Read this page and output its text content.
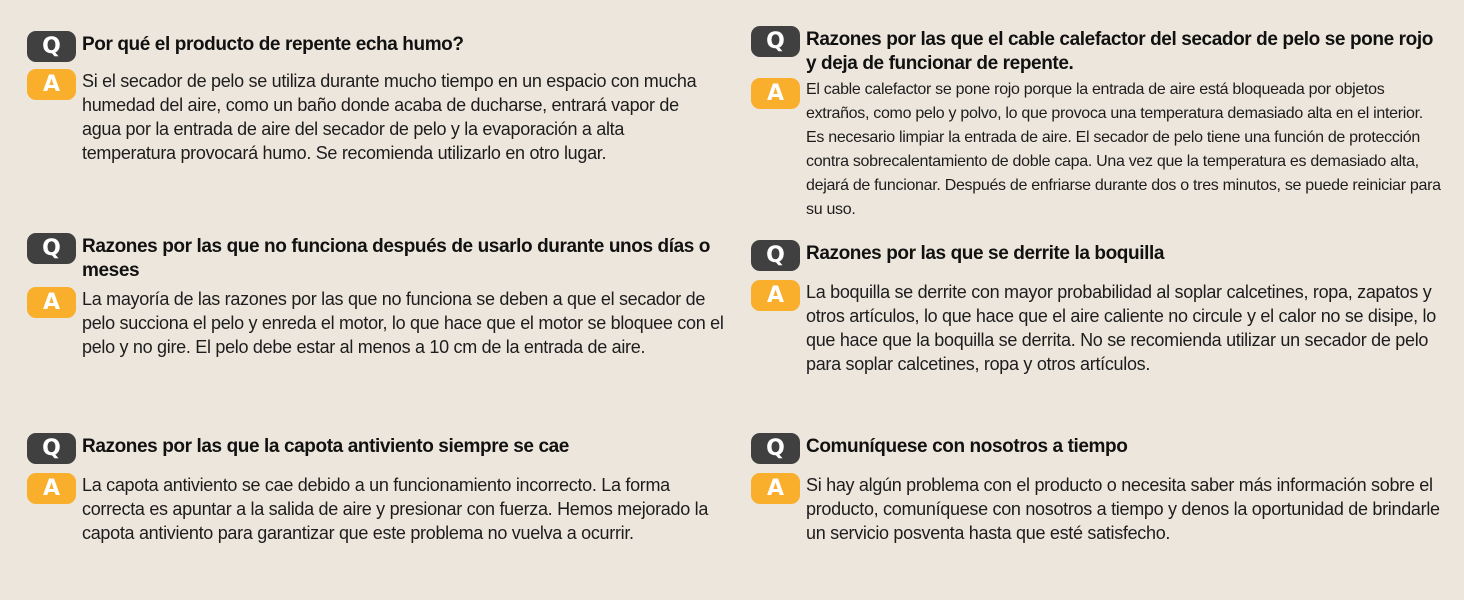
Q	Por qué el producto de repente echa humo?
A	Si el secador de pelo se utiliza durante mucho tiempo en un espacio con mucha humedad del aire, como un baño donde acaba de ducharse, entrará vapor de agua por la entrada de aire del secador de pelo y la evaporación a alta temperatura provocará humo. Se recomienda utilizarlo en otro lugar.
Q	Razones por las que el cable calefactor del secador de pelo se pone rojo y deja de funcionar de repente.
A	El cable calefactor se pone rojo porque la entrada de aire está bloqueada por objetos extraños, como pelo y polvo, lo que provoca una temperatura demasiado alta en el interior. Es necesario limpiar la entrada de aire. El secador de pelo tiene una función de protección contra sobrecalentamiento de doble capa. Una vez que la temperatura es demasiado alta, dejará de funcionar. Después de enfriarse durante dos o tres minutos, se puede reiniciar para su uso.
Q	Razones por las que no funciona después de usarlo durante unos días o meses
A	La mayoría de las razones por las que no funciona se deben a que el secador de pelo succiona el pelo y enreda el motor, lo que hace que el motor se bloquee con el pelo y no gire. El pelo debe estar al menos a 10 cm de la entrada de aire.
Q	Razones por las que se derrite la boquilla
A	La boquilla se derrite con mayor probabilidad al soplar calcetines, ropa, zapatos y otros artículos, lo que hace que el aire caliente no circule y el calor no se disipe, lo que hace que la boquilla se derrita. No se recomienda utilizar un secador de pelo para soplar calcetines, ropa y otros artículos.
Q	Razones por las que la capota antiviento siempre se cae
A	La capota antiviento se cae debido a un funcionamiento incorrecto. La forma correcta es apuntar a la salida de aire y presionar con fuerza. Hemos mejorado la capota antiviento para garantizar que este problema no vuelva a ocurrir.
Q	Comuníquese con nosotros a tiempo
A	Si hay algún problema con el producto o necesita saber más información sobre el producto, comuníquese con nosotros a tiempo y denos la oportunidad de brindarle un servicio posventa hasta que esté satisfecho.
